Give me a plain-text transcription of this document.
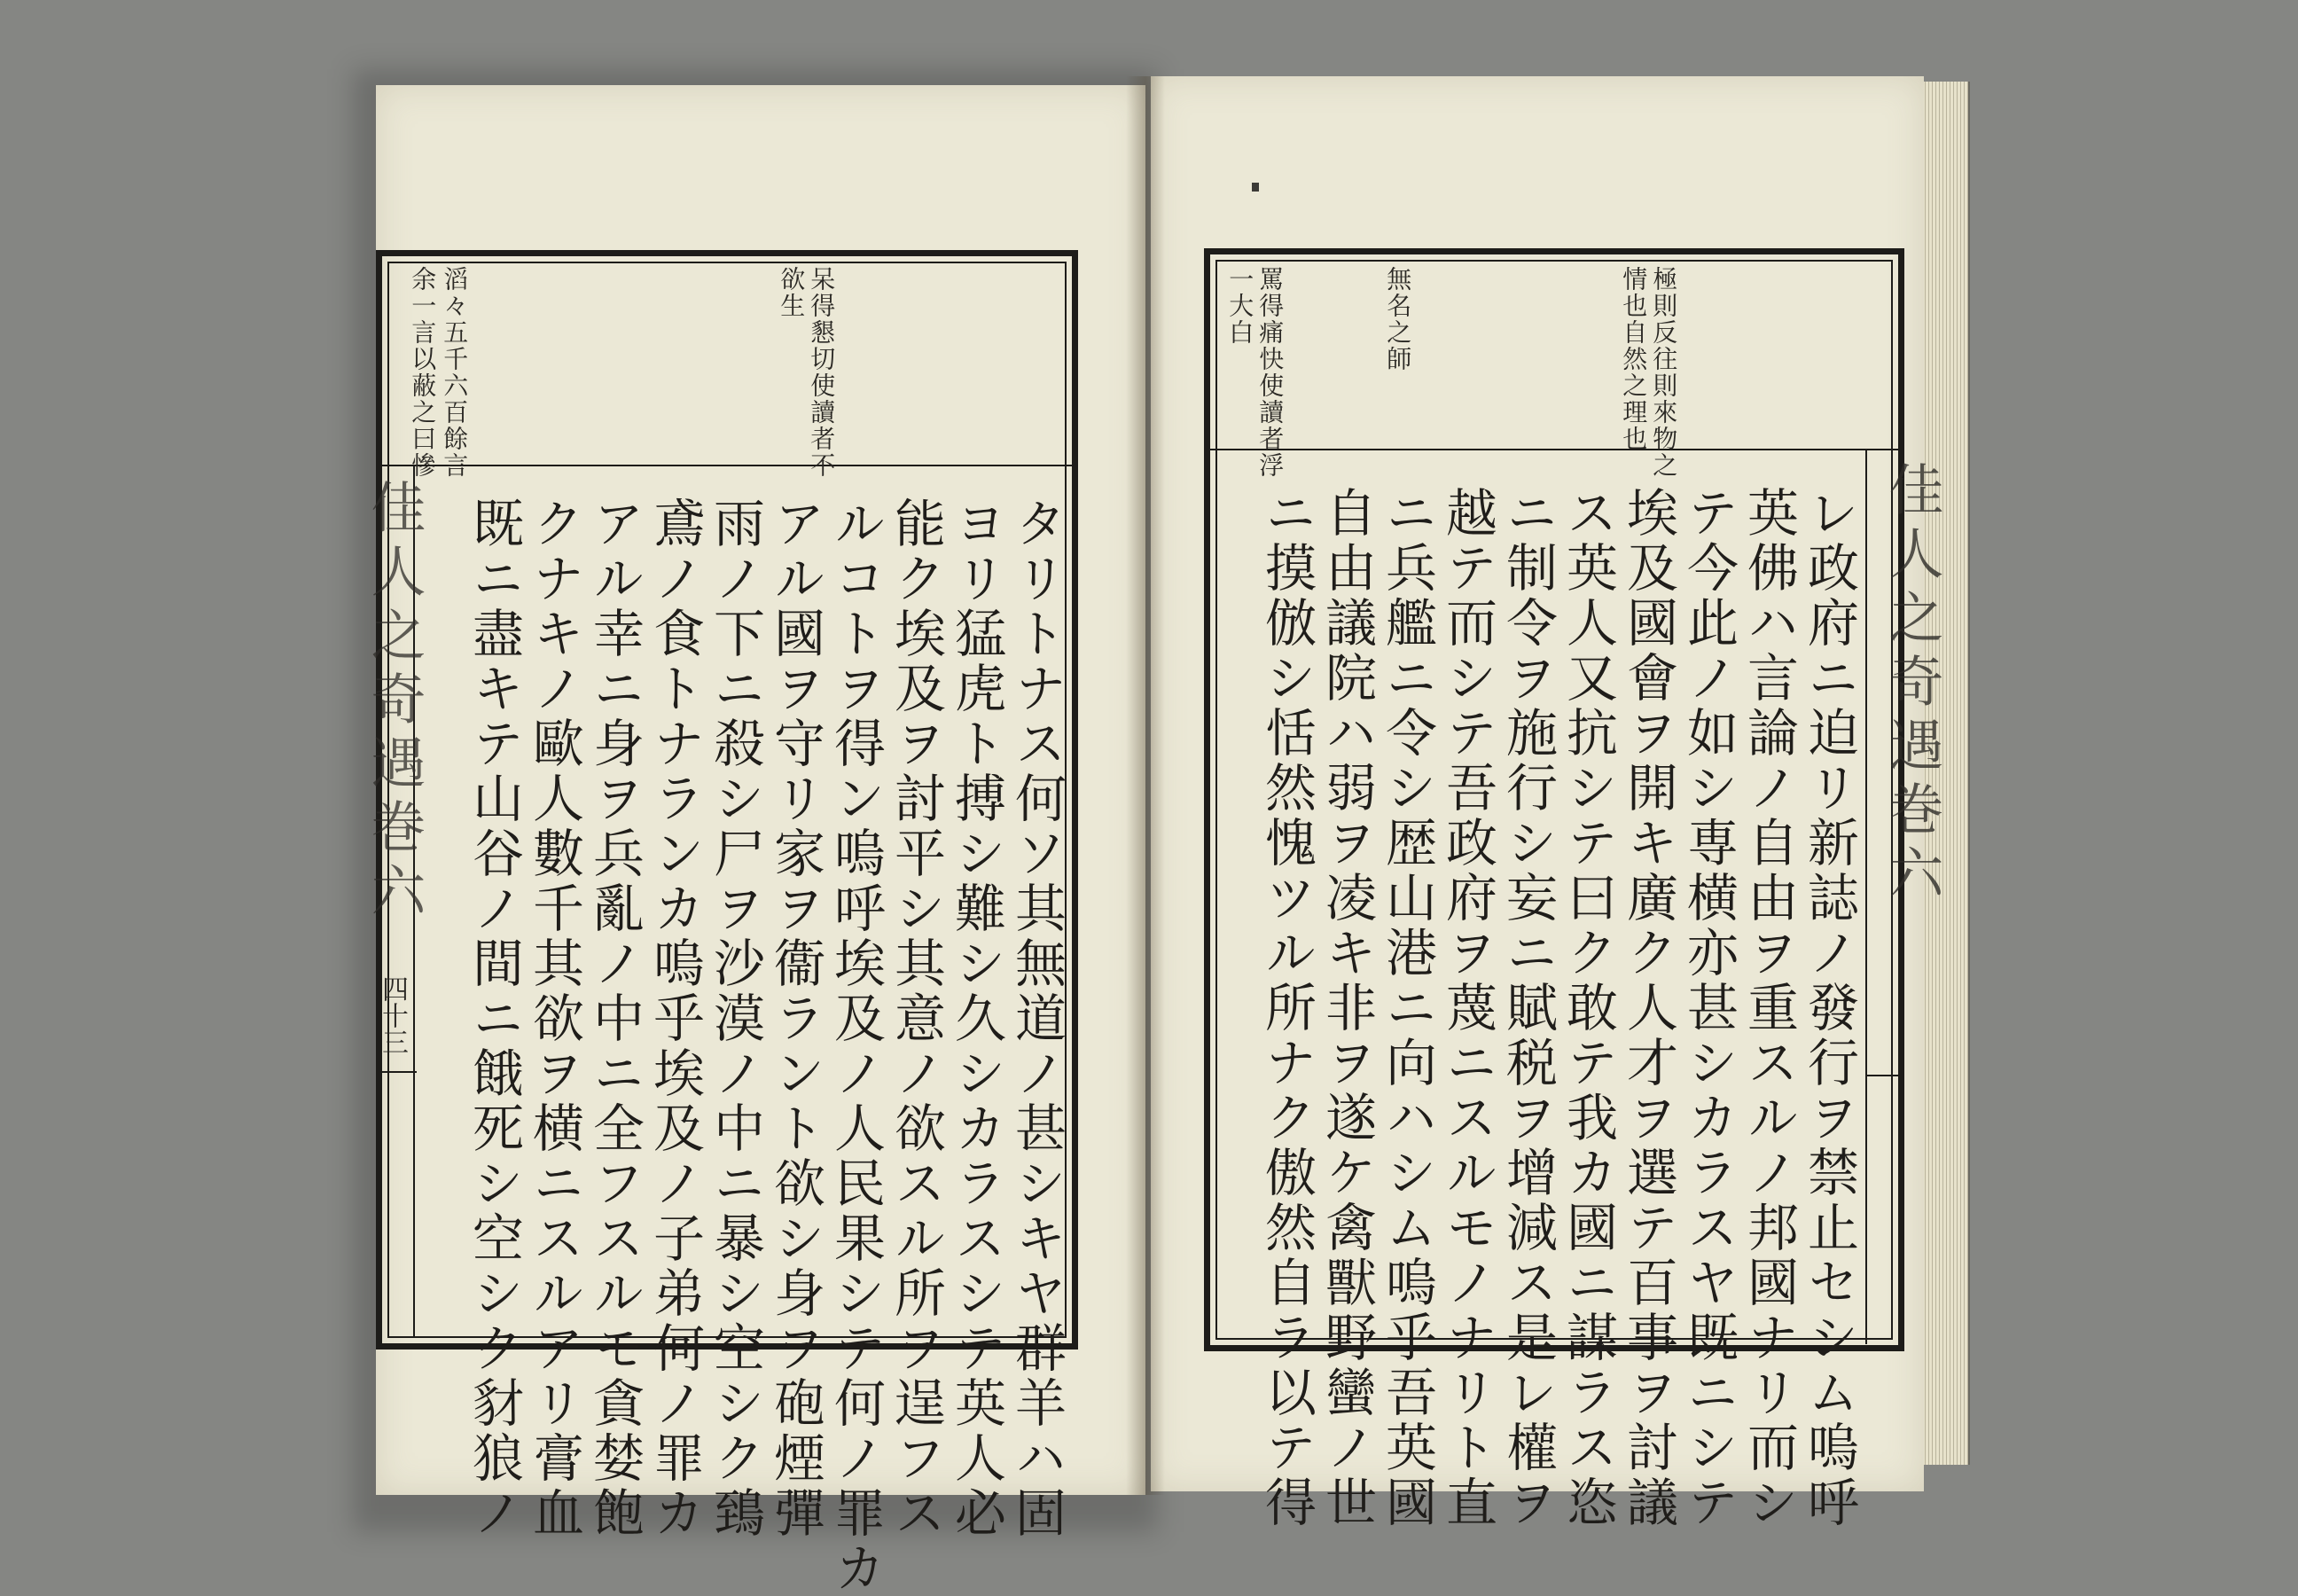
余一言以蔽之曰慘 滔々五千六百餘言	欲生 呆得懇切使讀者不
佳人之奇遇巻六
四十三	タリトナス何ソ其無道ノ甚シキヤ群羊ハ固
ヨリ猛虎ト搏シ難シ久シカラスシテ英人必
能ク埃及ヲ討平シ其意ノ欲スル所ヲ逞フス
ルコトヲ得ン嗚呼埃及ノ人民果シテ何ノ罪カ
アル國ヲ守リ家ヲ衞ラント欲シ身ヲ砲煙彈
雨ノ下ニ殺シ尸ヲ沙漠ノ中ニ暴シ空シク鵄
鳶ノ食トナランカ嗚乎埃及ノ子弟何ノ罪カ
アル幸ニ身ヲ兵亂ノ中ニ全フスルモ貪婪飽
クナキノ歐人數千其欲ヲ横ニスルアリ膏血
既ニ盡キテ山谷ノ間ニ餓死シ空シク豺狼ノ
極則反往則來物之
情也自然之理也
無名之師
罵得痛快使讀者浮
一大白
佳人之奇遇巻六
レ政府ニ迫リ新誌ノ發行ヲ禁止セシム嗚呼
英佛ハ言論ノ自由ヲ重スルノ邦國ナリ而シ
テ今此ノ如シ専横亦甚シカラスヤ既ニシテ
埃及國會ヲ開キ廣ク人才ヲ選テ百事ヲ討議
ス英人又抗シテ曰ク敢テ我カ國ニ謀ラス恣
ニ制令ヲ施行シ妄ニ賦税ヲ增減ス是レ權ヲ
越テ而シテ吾政府ヲ蔑ニスルモノナリト直
ニ兵艦ニ令シ歴山港ニ向ハシム嗚乎吾英國
自由議院ハ弱ヲ凌キ非ヲ遂ケ禽獸野蠻ノ世
ニ摸倣シ恬然愧ツル所ナク傲然自ラ以テ得
